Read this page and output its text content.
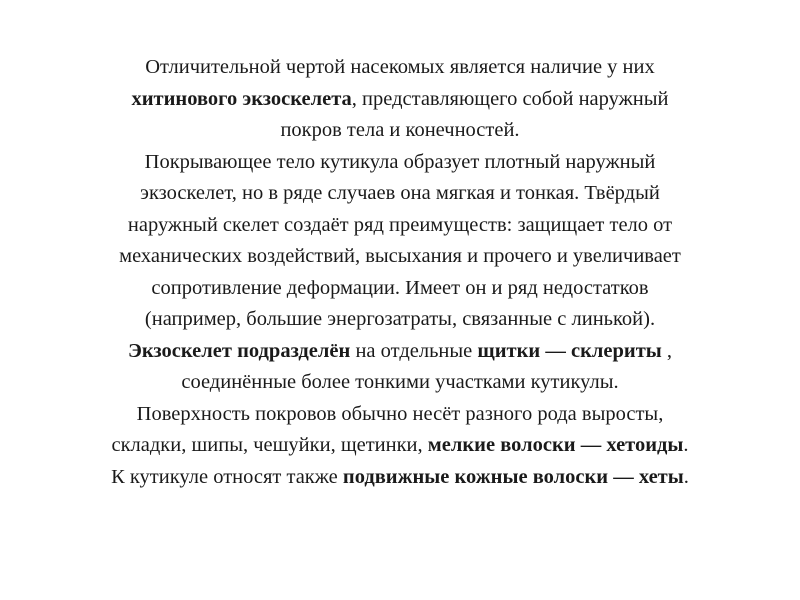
Отличительной чертой насекомых является наличие у них
хитинового экзоскелета, представляющего собой наружный
покров тела и конечностей.
Покрывающее тело кутикула образует плотный наружный
экзоскелет, но в ряде случаев она мягкая и тонкая. Твёрдый
наружный скелет создаёт ряд преимуществ: защищает тело от
механических воздействий, высыхания и прочего и увеличивает
сопротивление деформации. Имеет он и ряд недостатков
(например, большие энергозатраты, связанные с линькой).
Экзоскелет подразделён на отдельные щитки — склериты ,
соединённые более тонкими участками кутикулы.
Поверхность покровов обычно несёт разного рода выросты,
складки, шипы, чешуйки, щетинки, мелкие волоски — хетоиды.
К кутикуле относят также подвижные кожные волоски — хеты.
